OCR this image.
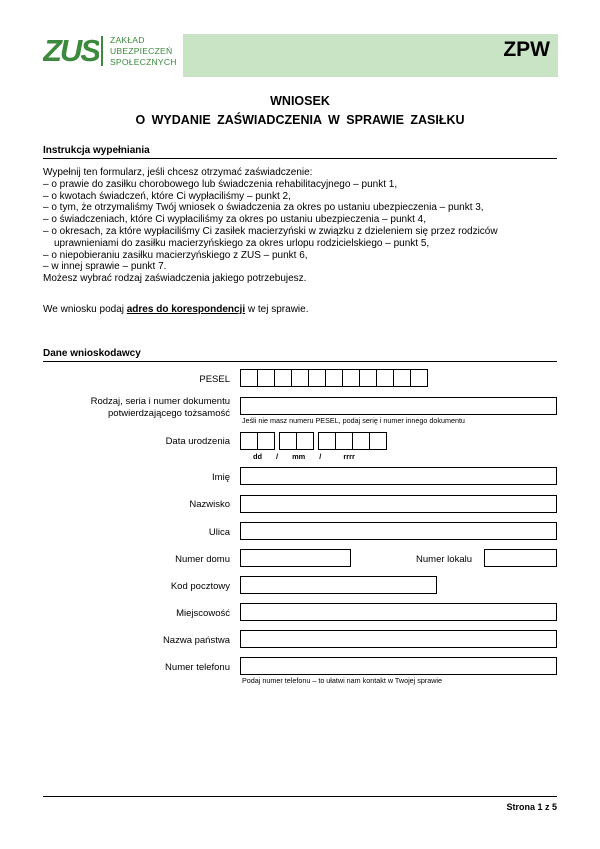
ZPW
ZUS ZAKŁAD
UBEZPIECZEŃ
SPOŁECZNYCH
WNIOSEK
O WYDANIE ZAŚWIADCZENIA W SPRAWIE ZASIŁKU
Instrukcja wypełniania
Wypełnij ten formularz, jeśli chcesz otrzymać zaświadczenie:
– o prawie do zasiłku chorobowego lub świadczenia rehabilitacyjnego – punkt 1,
– o kwotach świadczeń, które Ci wypłaciliśmy – punkt 2,
– o tym, że otrzymaliśmy Twój wniosek o świadczenia za okres po ustaniu ubezpieczenia – punkt 3,
– o świadczeniach, które Ci wypłaciliśmy za okres po ustaniu ubezpieczenia – punkt 4,
– o okresach, za które wypłaciliśmy Ci zasiłek macierzyński w związku z dzieleniem się przez rodziców uprawnieniami do zasiłku macierzyńskiego za okres urlopu rodzicielskiego – punkt 5,
– o niepobieraniu zasiłku macierzyńskiego z ZUS – punkt 6,
– w innej sprawie – punkt 7.
Możesz wybrać rodzaj zaświadczenia jakiego potrzebujesz.
We wniosku podaj adres do korespondencji w tej sprawie.
Dane wnioskodawcy
PESEL
Rodzaj, seria i numer dokumentu
potwierdzającego tożsamość
Jeśli nie masz numeru PESEL, podaj serię i numer innego dokumentu
Data urodzenia
dd / mm /	rrrr
Imię
Nazwisko
Ulica
Numer domu	Numer lokalu
Kod pocztowy
Miejscowość
Nazwa państwa
Numer telefonu
Podaj numer telefonu – to ułatwi nam kontakt w Twojej sprawie
Strona 1 z 5
